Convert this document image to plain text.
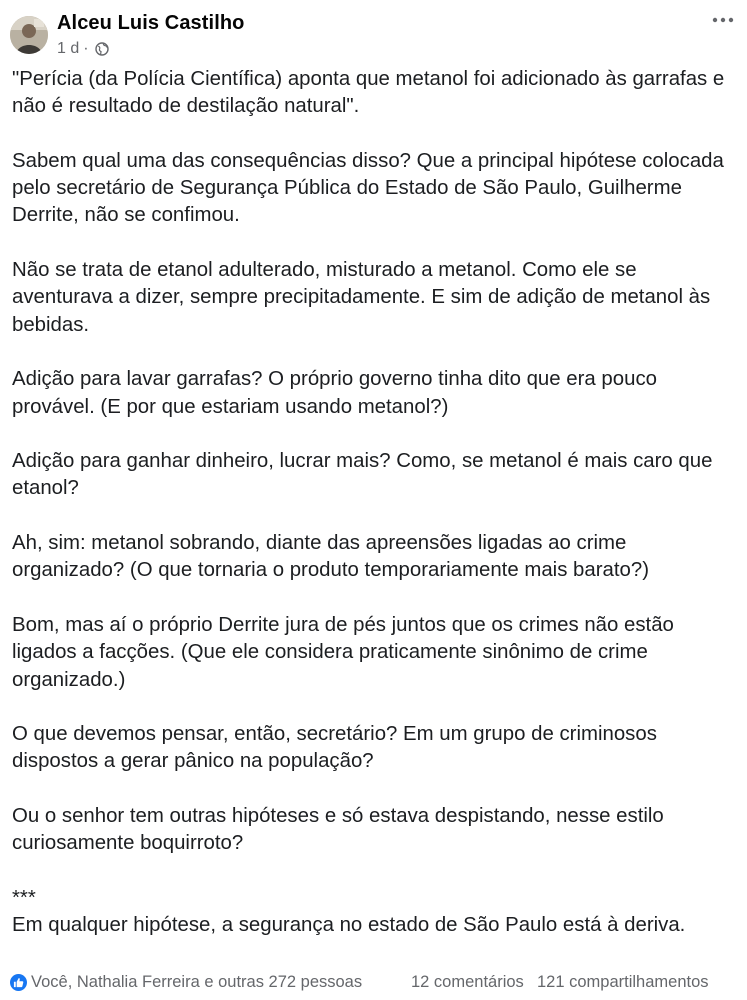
Alceu Luis Castilho
1 d ·

"Perícia (da Polícia Científica) aponta que metanol foi adicionado às garrafas e não é resultado de destilação natural".

Sabem qual uma das consequências disso? Que a principal hipótese colocada pelo secretário de Segurança Pública do Estado de São Paulo, Guilherme Derrite, não se confimou.

Não se trata de etanol adulterado, misturado a metanol. Como ele se aventurava a dizer, sempre precipitadamente. E sim de adição de metanol às bebidas.

Adição para lavar garrafas? O próprio governo tinha dito que era pouco provável. (E por que estariam usando metanol?)

Adição para ganhar dinheiro, lucrar mais? Como, se metanol é mais caro que etanol?

Ah, sim: metanol sobrando, diante das apreensões ligadas ao crime organizado? (O que tornaria o produto temporariamente mais barato?)

Bom, mas aí o próprio Derrite jura de pés juntos que os crimes não estão ligados a facções. (Que ele considera praticamente sinônimo de crime organizado.)

O que devemos pensar, então, secretário? Em um grupo de criminosos dispostos a gerar pânico na população?

Ou o senhor tem outras hipóteses e só estava despistando, nesse estilo curiosamente boquirroto?

***
Em qualquer hipótese, a segurança no estado de São Paulo está à deriva.

Você, Nathalia Ferreira e outras 272 pessoas	12 comentários 121 compartilhamentos
